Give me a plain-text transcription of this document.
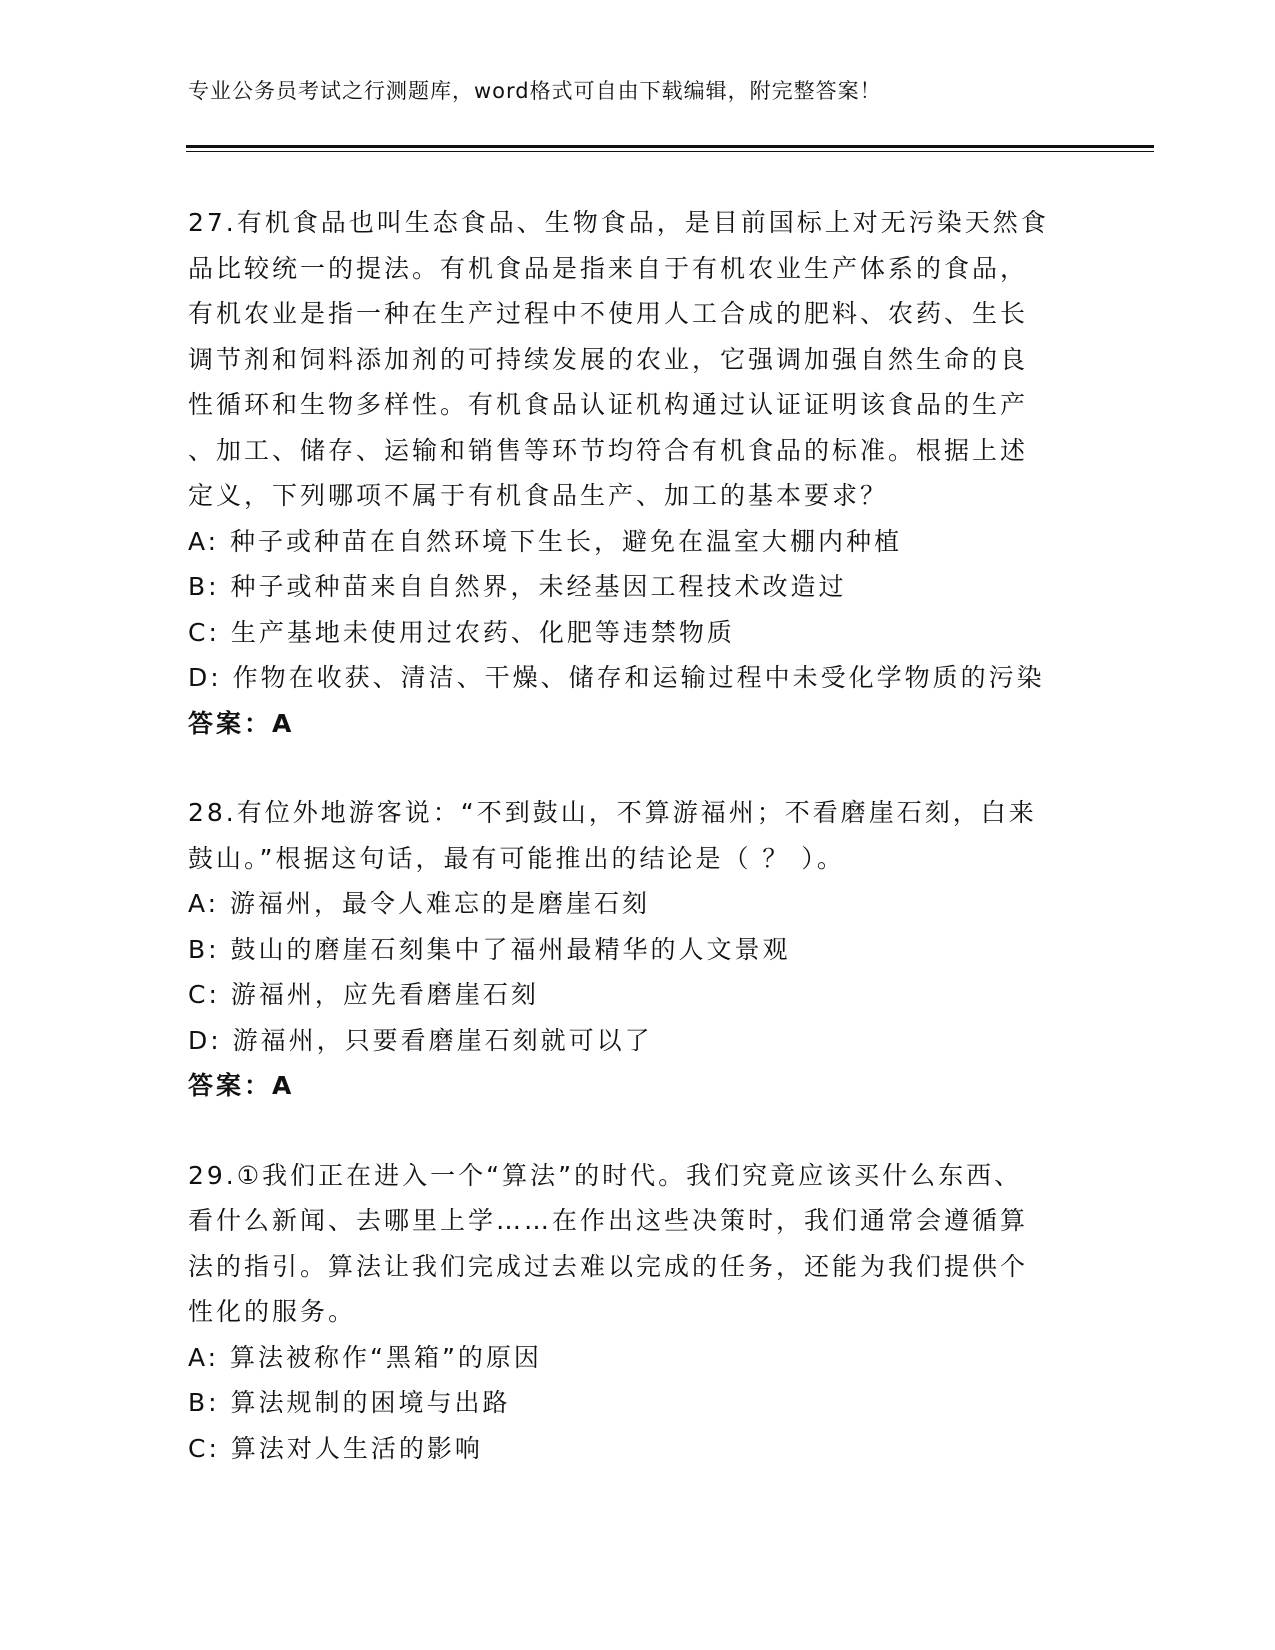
专业公务员考试之行测题库，word格式可自由下载编辑，附完整答案！
27.有机食品也叫生态食品、生物食品，是目前国标上对无污染天然食
品比较统一的提法。有机食品是指来自于有机农业生产体系的食品，
有机农业是指一种在生产过程中不使用人工合成的肥料、农药、生长
调节剂和饲料添加剂的可持续发展的农业，它强调加强自然生命的良
性循环和生物多样性。有机食品认证机构通过认证证明该食品的生产
、加工、储存、运输和销售等环节均符合有机食品的标准。根据上述
定义，下列哪项不属于有机食品生产、加工的基本要求？
A: 种子或种苗在自然环境下生长，避免在温室大棚内种植
B: 种子或种苗来自自然界，未经基因工程技术改造过
C: 生产基地未使用过农药、化肥等违禁物质
D: 作物在收获、清洁、干燥、储存和运输过程中未受化学物质的污染
答案：A
28.有位外地游客说：“不到鼓山，不算游福州；不看磨崖石刻，白来
鼓山。”根据这句话，最有可能推出的结论是（ ？ ）。
A: 游福州，最令人难忘的是磨崖石刻
B: 鼓山的磨崖石刻集中了福州最精华的人文景观
C: 游福州，应先看磨崖石刻
D: 游福州，只要看磨崖石刻就可以了
答案：A
29.①我们正在进入一个“算法”的时代。我们究竟应该买什么东西、
看什么新闻、去哪里上学……在作出这些决策时，我们通常会遵循算
法的指引。算法让我们完成过去难以完成的任务，还能为我们提供个
性化的服务。
A: 算法被称作“黑箱”的原因
B: 算法规制的困境与出路
C: 算法对人生活的影响
